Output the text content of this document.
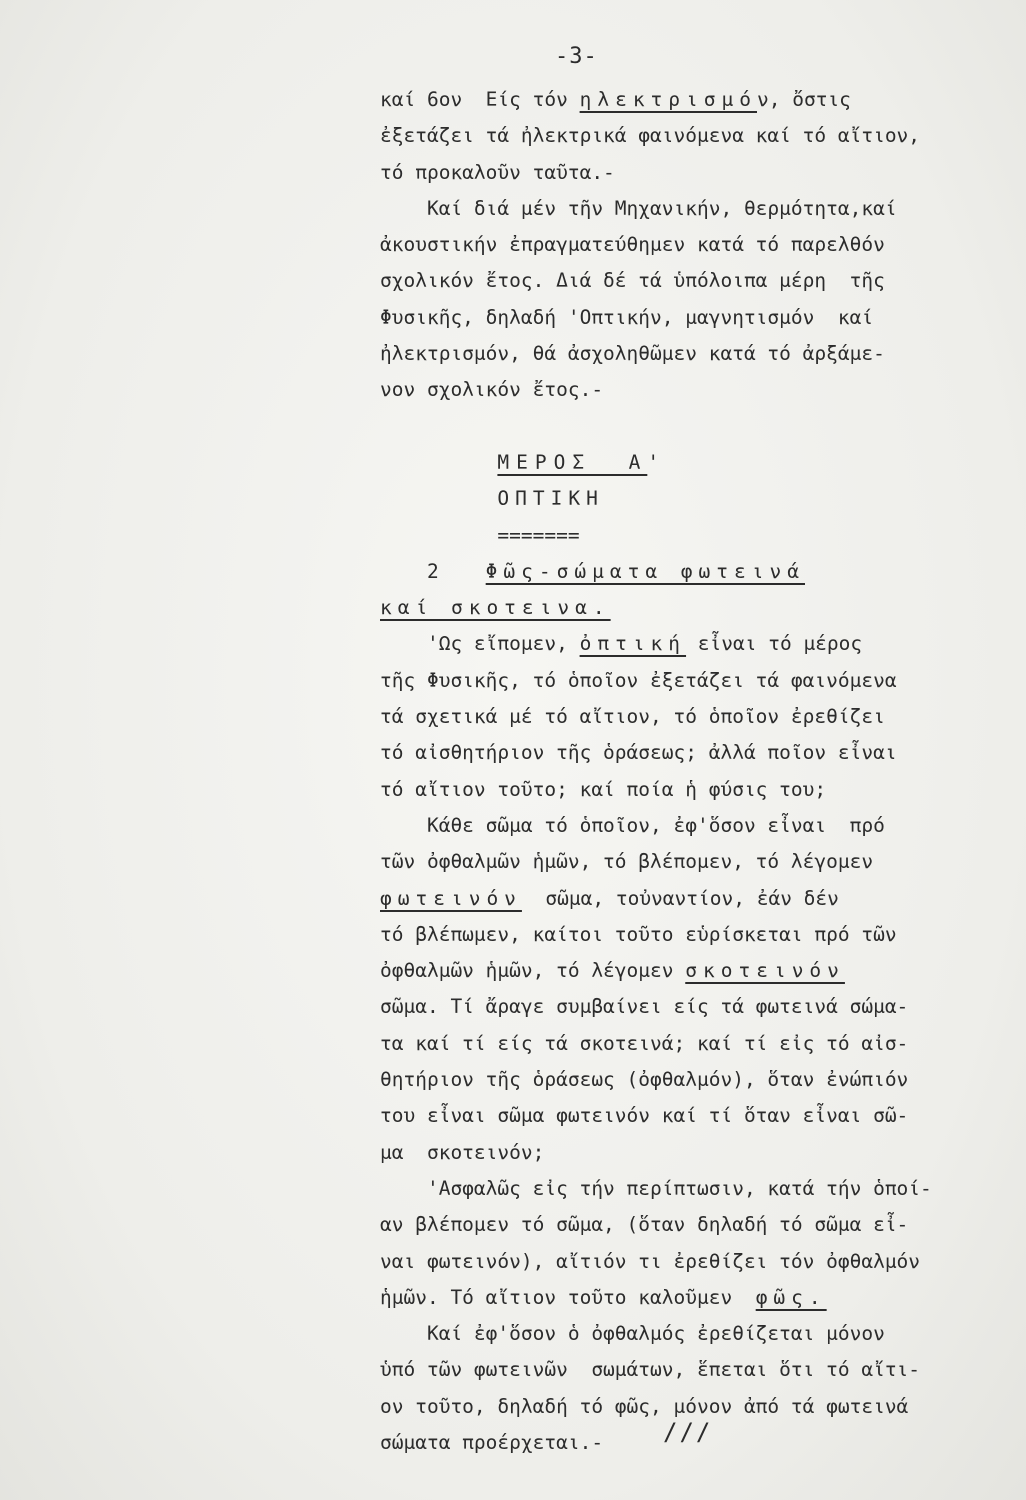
-3-
καί 6ον  Είς τόν ηλεκτρισμόν, ὄστις
ἐξετάζει τά ἠλεκτρικά φαινόμενα καί τό αἴτιον,
τό προκαλοῦν ταῦτα.-
Καί διά μέν τῆν Μηχανικήν, θερμότητα,καί
ἀκουστικήν ἐπραγματεύθημεν κατά τό παρελθόν
σχολικόν ἔτος. Διά δέ τά ὑπόλοιπα μέρη  τῆς
Φυσικῆς, δηλαδή 'Οπτικήν, μαγνητισμόν  καί
ἠλεκτρισμόν, θά ἀσχοληθῶμεν κατά τό ἀρξάμε-
νον σχολικόν ἔτος.-
ΜΕΡΟΣ  Α'
ΟΠΤΙΚΗ
=======
2    Φῶς-σώματα φωτεινά
καί σκοτεινα.
'Ως εἴπομεν, ὀπτική εἶναι τό μέρος
τῆς Φυσικῆς, τό ὁποῖον ἐξετάζει τά φαινόμενα
τά σχετικά μέ τό αἴτιον, τό ὁποῖον ἐρεθίζει
τό αἰσθητήριον τῆς ὁράσεως; ἀλλά ποῖον εἶναι
τό αἴτιον τοῦτο; καί ποία ἡ φύσις του;
Κάθε σῶμα τό ὁποῖον, ἐφ'ὅσον εἶναι  πρό
τῶν ὀφθαλμῶν ἡμῶν, τό βλέπομεν, τό λέγομεν
φωτεινόν  σῶμα, τοὐναντίον, ἐάν δέν
τό βλέπωμεν, καίτοι τοῦτο εὑρίσκεται πρό τῶν
ὀφθαλμῶν ἡμῶν, τό λέγομεν σκοτεινόν
σῶμα. Τί ἄραγε συμβαίνει είς τά φωτεινά σώμα-
τα καί τί είς τά σκοτεινά; καί τί εἰς τό αἰσ-
θητήριον τῆς ὁράσεως (ὀφθαλμόν), ὅταν ἐνώπιόν
του εἶναι σῶμα φωτεινόν καί τί ὅταν εἶναι σῶ-
μα  σκοτεινόν;
'Ασφαλῶς εἰς τήν περίπτωσιν, κατά τήν ὁποί-
αν βλέπομεν τό σῶμα, (ὅταν δηλαδή τό σῶμα εἶ-
ναι φωτεινόν), αἴτιόν τι ἐρεθίζει τόν ὀφθαλμόν
ἡμῶν. Τό αἴτιον τοῦτο καλοῦμεν  φῶς.
Καί ἐφ'ὅσον ὁ ὀφθαλμός ἐρεθίζεται μόνον
ὑπό τῶν φωτεινῶν  σωμάτων, ἕπεται ὅτι τό αἴτι-
ον τοῦτο, δηλαδή τό φῶς, μόνον ἀπό τά φωτεινά
σώματα προέρχεται.-	///
